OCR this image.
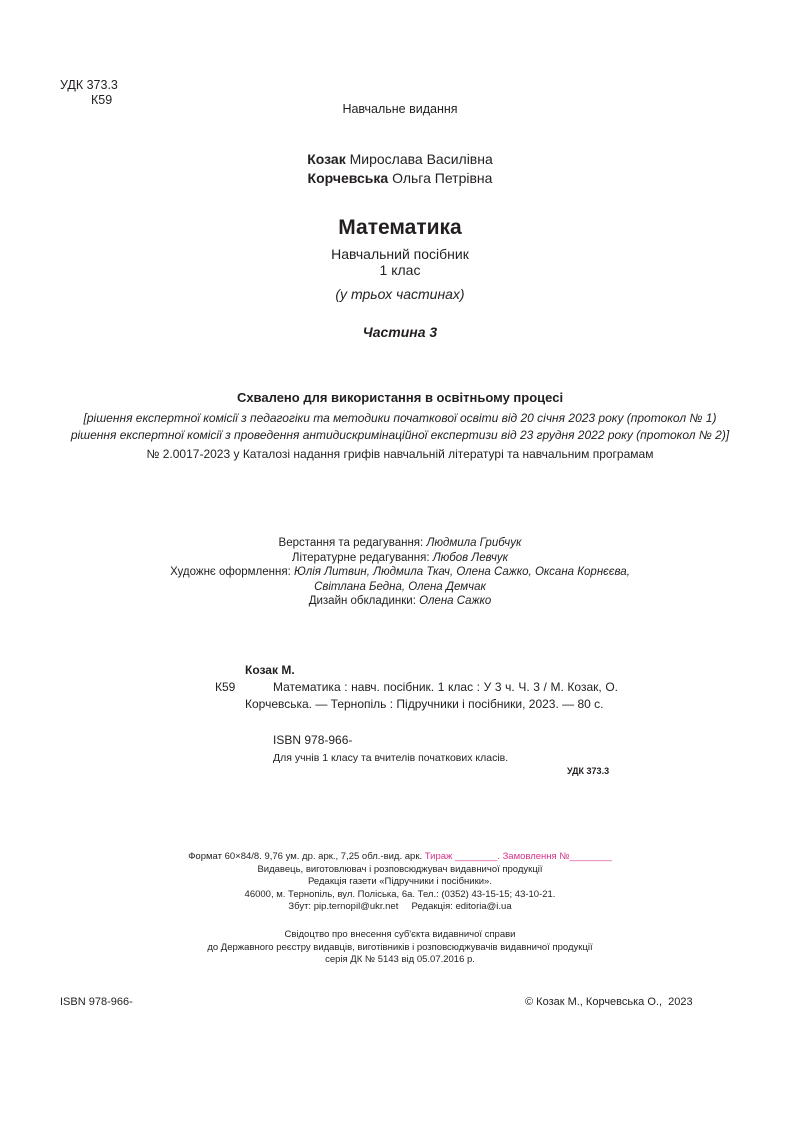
УДК 373.3
К59
Навчальне видання
Козак Мирослава Василівна
Корчевська Ольга Петрівна
Математика
Навчальний посібник
1 клас
(у трьох частинах)
Частина 3
Схвалено для використання в освітньому процесі
[рішення експертної комісії з педагогіки та методики початкової освіти від 20 січня 2023 року (протокол № 1)
рішення експертної комісії з проведення антидискримінаційної експертизи від 23 грудня 2022 року (протокол № 2)]
№ 2.0017-2023 у Каталозі надання грифів навчальній літературі та навчальним програмам
Верстання та редагування: Людмила Грибчук
Літературне редагування: Любов Левчук
Художнє оформлення: Юлія Литвин, Людмила Ткач, Олена Сажко, Оксана Корнєєва,
Світлана Бедна, Олена Демчак
Дизайн обкладинки: Олена Сажко
Козак М.
К59	Математика : навч. посібник. 1 клас : У 3 ч. Ч. 3 / М. Козак, О. Корчевська. — Тернопіль : Підручники і посібники, 2023. — 80 с.
ISBN 978-966-
Для учнів 1 класу та вчителів початкових класів.
УДК 373.3
Формат 60×84/8. 9,76 ум. др. арк., 7,25 обл.-вид. арк. Тираж ________. Замовлення №________
Видавець, виготовлювач і розповсюджувач видавничої продукції
Редакція газети «Підручники і посібники».
46000, м. Тернопіль, вул. Поліська, 6а. Тел.: (0352) 43-15-15; 43-10-21.
Збут: pip.ternopil@ukr.net     Редакція: editoria@i.ua
Свідоцтво про внесення суб'єкта видавничої справи
до Державного реєстру видавців, виготівників і розповсюджувачів видавничої продукції
серія ДК № 5143 від 05.07.2016 р.
ISBN 978-966-	© Козак М., Корчевська О.,  2023
